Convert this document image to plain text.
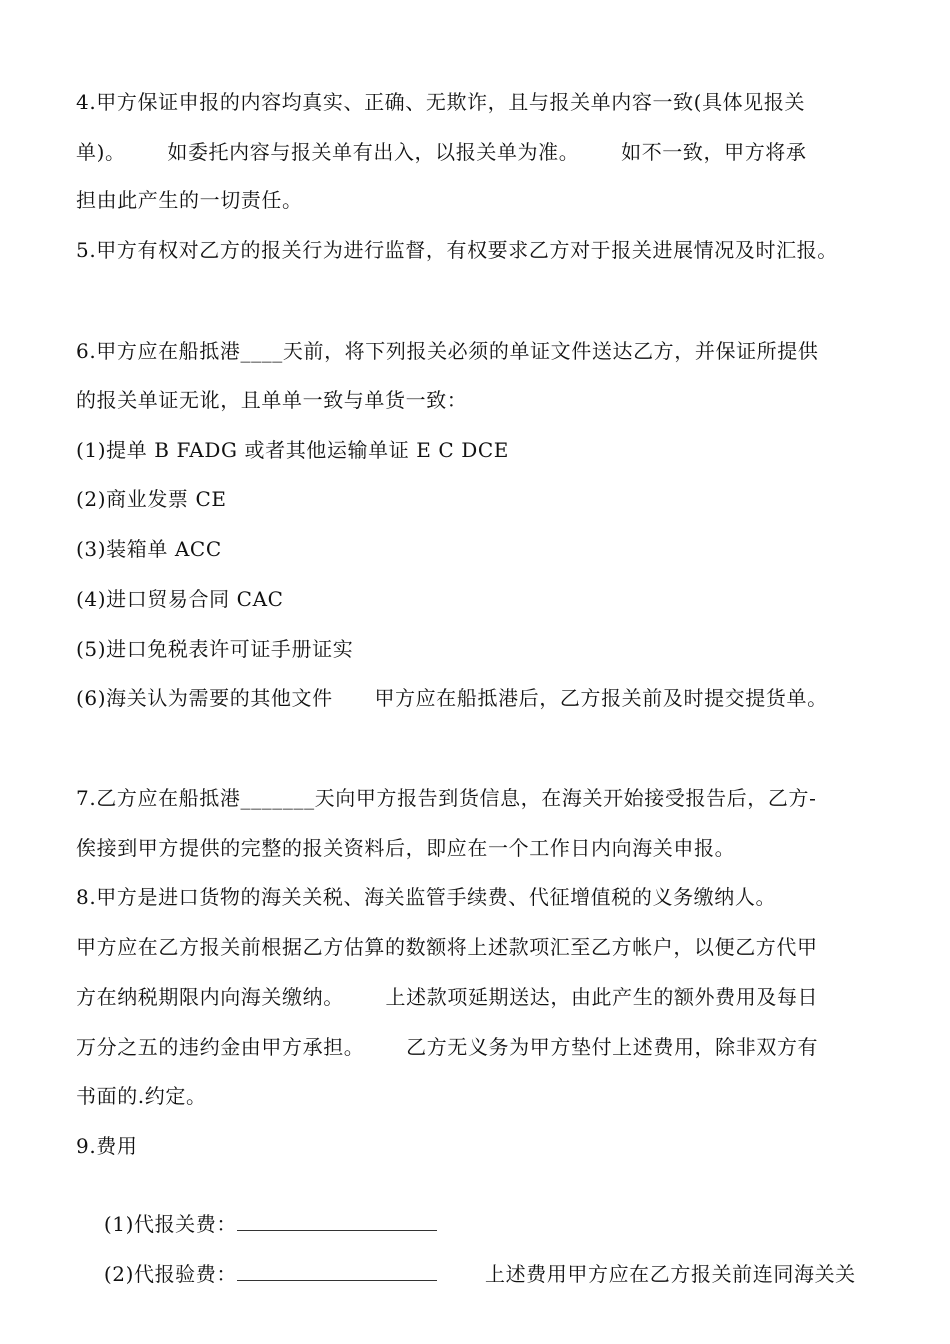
4.甲方保证申报的内容均真实、正确、无欺诈，且与报关单内容一致(具体见报关
单)。      如委托内容与报关单有出入，以报关单为准。      如不一致，甲方将承
担由此产生的一切责任。
5.甲方有权对乙方的报关行为进行监督，有权要求乙方对于报关进展情况及时汇报。
6.甲方应在船抵港____天前，将下列报关必须的单证文件送达乙方，并保证所提供
的报关单证无讹，且单单一致与单货一致：
(1)提单 B FADG 或者其他运输单证 E C DCE
(2)商业发票 CE
(3)装箱单 ACC
(4)进口贸易合同 CAC
(5)进口免税表许可证手册证实
(6)海关认为需要的其他文件      甲方应在船抵港后，乙方报关前及时提交提货单。
7.乙方应在船抵港_______天向甲方报告到货信息，在海关开始接受报告后，乙方-
俟接到甲方提供的完整的报关资料后，即应在一个工作日内向海关申报。
8.甲方是进口货物的海关关税、海关监管手续费、代征增值税的义务缴纳人。
甲方应在乙方报关前根据乙方估算的数额将上述款项汇至乙方帐户，以便乙方代甲
方在纳税期限内向海关缴纳。      上述款项延期送达，由此产生的额外费用及每日
万分之五的违约金由甲方承担。      乙方无义务为甲方垫付上述费用，除非双方有
书面的.约定。
9.费用

(1)代报关费：

(2)代报验费：	上述费用甲方应在乙方报关前连同海关关
